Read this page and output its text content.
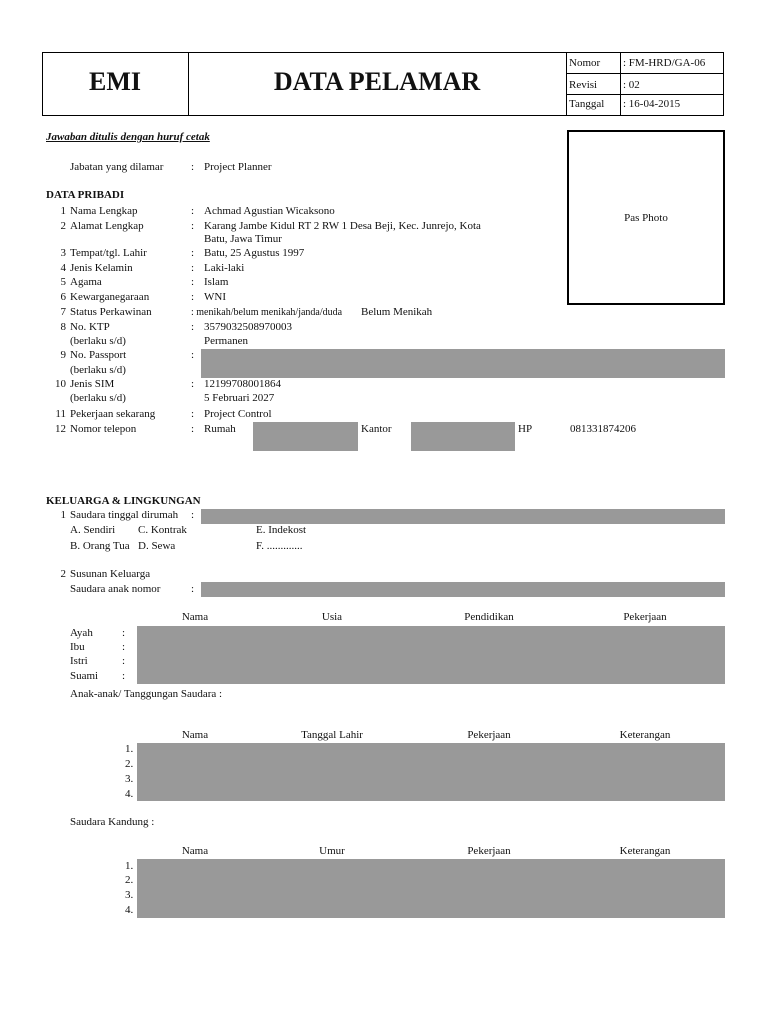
EMI	DATA PELAMAR
Nomor : FM-HRD/GA-06
Revisi : 02
Tanggal : 16-04-2015
Jawaban ditulis dengan huruf cetak
Pas Photo
Jabatan yang dilamar	: Project Planner
DATA PRIBADI
1 Nama Lengkap	: Achmad Agustian Wicaksono
2 Alamat Lengkap	: Karang Jambe Kidul RT 2 RW 1 Desa Beji, Kec. Junrejo, Kota
Batu, Jawa Timur
3 Tempat/tgl. Lahir	: Batu, 25 Agustus 1997
4 Jenis Kelamin	: Laki-laki
5 Agama	: Islam
6 Kewarganegaraan	: WNI
7 Status Perkawinan	: menikah/belum menikah/janda/duda Belum Menikah
8 No. KTP	: 3579032508970003
(berlaku s/d)	Permanen
9 No. Passport	:
(berlaku s/d)
10 Jenis SIM	: 12199708001864
(berlaku s/d)	5 Februari 2027
11 Pekerjaan sekarang	: Project Control
12 Nomor telepon	: Rumah	Kantor	HP	081331874206
KELUARGA & LINGKUNGAN
1 Saudara tinggal dirumah :
A. Sendiri C. Kontrak	E. Indekost
B. Orang Tua D. Sewa	F. .............
2 Susunan Keluarga
Saudara anak nomor	:
Nama	Usia	Pendidikan	Pekerjaan
Ayah	:
Ibu	:
Istri	:
Suami :
Anak-anak/ Tanggungan Saudara :
Nama	Tanggal Lahir	Pekerjaan	Keterangan
1.
2.
3.
4.
Saudara Kandung :
Nama	Umur	Pekerjaan	Keterangan
1.
2.
3.
4.
